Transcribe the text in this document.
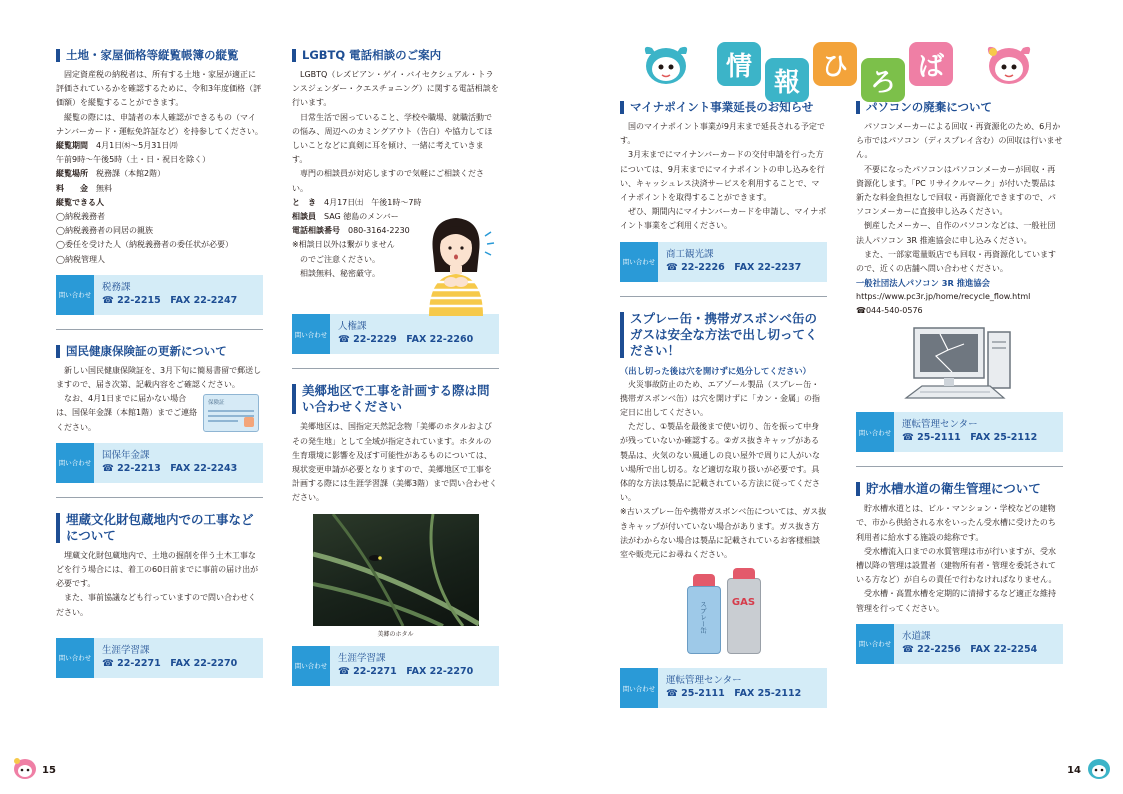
土地・家屋価格等縦覧帳簿の縦覧
固定資産税の納税者は、所有する土地・家屋が適正に評価されているかを確認するために、令和3年度価格（評価額）を縦覧することができます。
縦覧の際には、申請者の本人確認ができるもの（マイナンバーカード・運転免許証など）を持参してください。
縦覧期間　 4月1日㈭～5月31日㈪
午前9時～午後5時（土・日・祝日を除く）
縦覧場所　 税務課（本館2階）
料　　金　 無料
縦覧できる人
◯納税義務者
◯納税義務者の同居の親族
◯委任を受けた人（納税義務者の委任状が必要）
◯納税管理人
問い合わせ
税務課
☎ 22-2215　FAX 22-2247
国民健康保険証の更新について
新しい国民健康保険証を、3月下旬に簡易書留で郵送しますので、届き次第、記載内容をご確認ください。
なお、4月1日までに届かない場合は、国保年金課（本館1階）までご連絡ください。
保険証
問い合わせ
国保年金課
☎ 22-2213　FAX 22-2243
埋蔵文化財包蔵地内での工事などについて
埋蔵文化財包蔵地内で、土地の掘削を伴う土木工事などを行う場合には、着工の60日前までに事前の届け出が必要です。
また、事前協議なども行っていますので問い合わせください。
問い合わせ
生涯学習課
☎ 22-2271　FAX 22-2270
LGBTQ 電話相談のご案内
LGBTQ（レズビアン・ゲイ・バイセクシュアル・トランスジェンダー・クエスチョニング）に関する電話相談を行います。
日常生活で困っていること、学校や職場、就職活動での悩み、周辺へのカミングアウト（告白）や協力してほしいことなどに真剣に耳を傾け、一緒に考えていきます。
専門の相談員が対応しますので気軽にご相談ください。
と　き　 4月17日㈯　午後1時～7時
相談員　 SAG 徳島のメンバー
電話相談番号　 080-3164-2230
※相談日以外は繋がりません
のでご注意ください。
相談無料、秘密厳守。
問い合わせ
人権課
☎ 22-2229　FAX 22-2260
美郷地区で工事を計画する際は問い合わせください
美郷地区は、国指定天然記念物「美郷のホタルおよびその発生地」として全域が指定されています。ホタルの生育環境に影響を及ぼす可能性があるものについては、現状変更申請が必要となりますので、美郷地区で工事を計画する際には生涯学習課（美郷3階）まで問い合わせください。
美郷のホタル
問い合わせ
生涯学習課
☎ 22-2271　FAX 22-2270
情
報
ひ
ろ
ば
マイナポイント事業延長のお知らせ
国のマイナポイント事業が9月末まで延長される予定です。
3月末までにマイナンバーカードの交付申請を行った方については、9月末までにマイナポイントの申し込みを行い、キャッシュレス決済サービスを利用することで、マイナポイントを取得することができます。
ぜひ、期間内にマイナンバーカードを申請し、マイナポイント事業をご利用ください。
問い合わせ
商工観光課
☎ 22-2226　FAX 22-2237
スプレー缶・携帯ガスボンベ缶のガスは安全な方法で出し切ってください！
（出し切った後は穴を開けずに処分してください）
火災事故防止のため、エアゾール製品（スプレー缶・携帯ガスボンベ缶）は穴を開けずに「カン・金属」の指定日に出してください。
ただし、①製品を最後まで使い切り、缶を振って中身が残っていないか確認する。②ガス抜きキャップがある製品は、火気のない風通しの良い屋外で周りに人がいない場所で出し切る。など適切な取り扱いが必要です。具体的な方法は製品に記載されている方法に従ってください。
※古いスプレー缶や携帯ガスボンベ缶については、ガス抜きキャップが付いていない場合があります。ガス抜き方法がわからない場合は製品に記載されているお客様相談室や販売元にお尋ねください。
スプレー缶	GAS
問い合わせ
運転管理センター
☎ 25-2111　FAX 25-2112
パソコンの廃棄について
パソコンメーカーによる回収・再資源化のため、6月から市ではパソコン（ディスプレイ含む）の回収は行いません。
不要になったパソコンはパソコンメーカーが回収・再資源化します。「PC リサイクルマーク」が付いた製品は新たな料金負担なしで回収・再資源化できますので、パソコンメーカーに直接申し込みください。
倒産したメーカー、自作のパソコンなどは、一般社団法人パソコン 3R 推進協会に申し込みください。
また、一部家電量販店でも回収・再資源化していますので、近くの店舗へ問い合わせください。
一般社団法人パソコン 3R 推進協会
https://www.pc3r.jp/home/recycle_flow.html
☎044-540-0576
問い合わせ
運転管理センター
☎ 25-2111　FAX 25-2112
貯水槽水道の衛生管理について
貯水槽水道とは、ビル・マンション・学校などの建物で、市から供給される水をいったん受水槽に受けたのち利用者に給水する施設の総称です。
受水槽流入口までの水質管理は市が行いますが、受水槽以降の管理は設置者（建物所有者・管理を委託されている方など）が自らの責任で行わなければなりません。
受水槽・高置水槽を定期的に清掃するなど適正な維持管理を行ってください。
問い合わせ
水道課
☎ 22-2256　FAX 22-2254
15	14
